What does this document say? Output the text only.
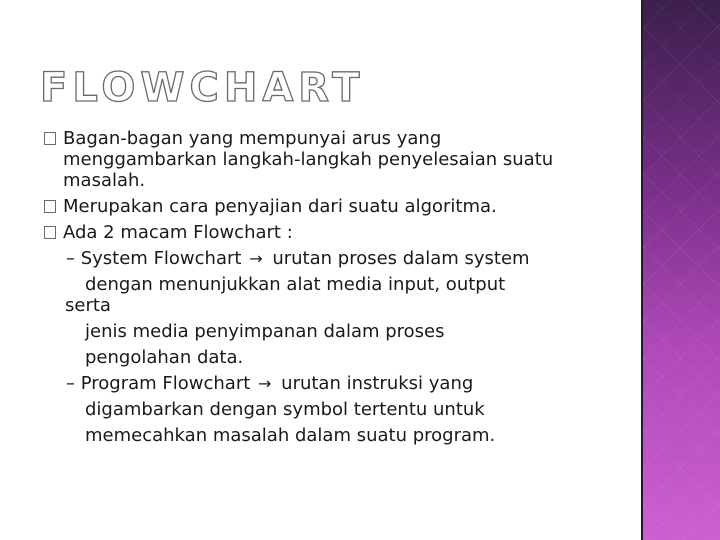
FLOWCHART
Bagan-bagan yang mempunyai arus yang
menggambarkan langkah-langkah penyelesaian suatu
masalah.
Merupakan cara penyajian dari suatu algoritma.
Ada 2 macam Flowchart :
– System Flowchart → urutan proses dalam system
dengan menunjukkan alat media input, output
serta
jenis media penyimpanan dalam proses
pengolahan data.
– Program Flowchart → urutan instruksi yang
digambarkan dengan symbol tertentu untuk
memecahkan masalah dalam suatu program.
